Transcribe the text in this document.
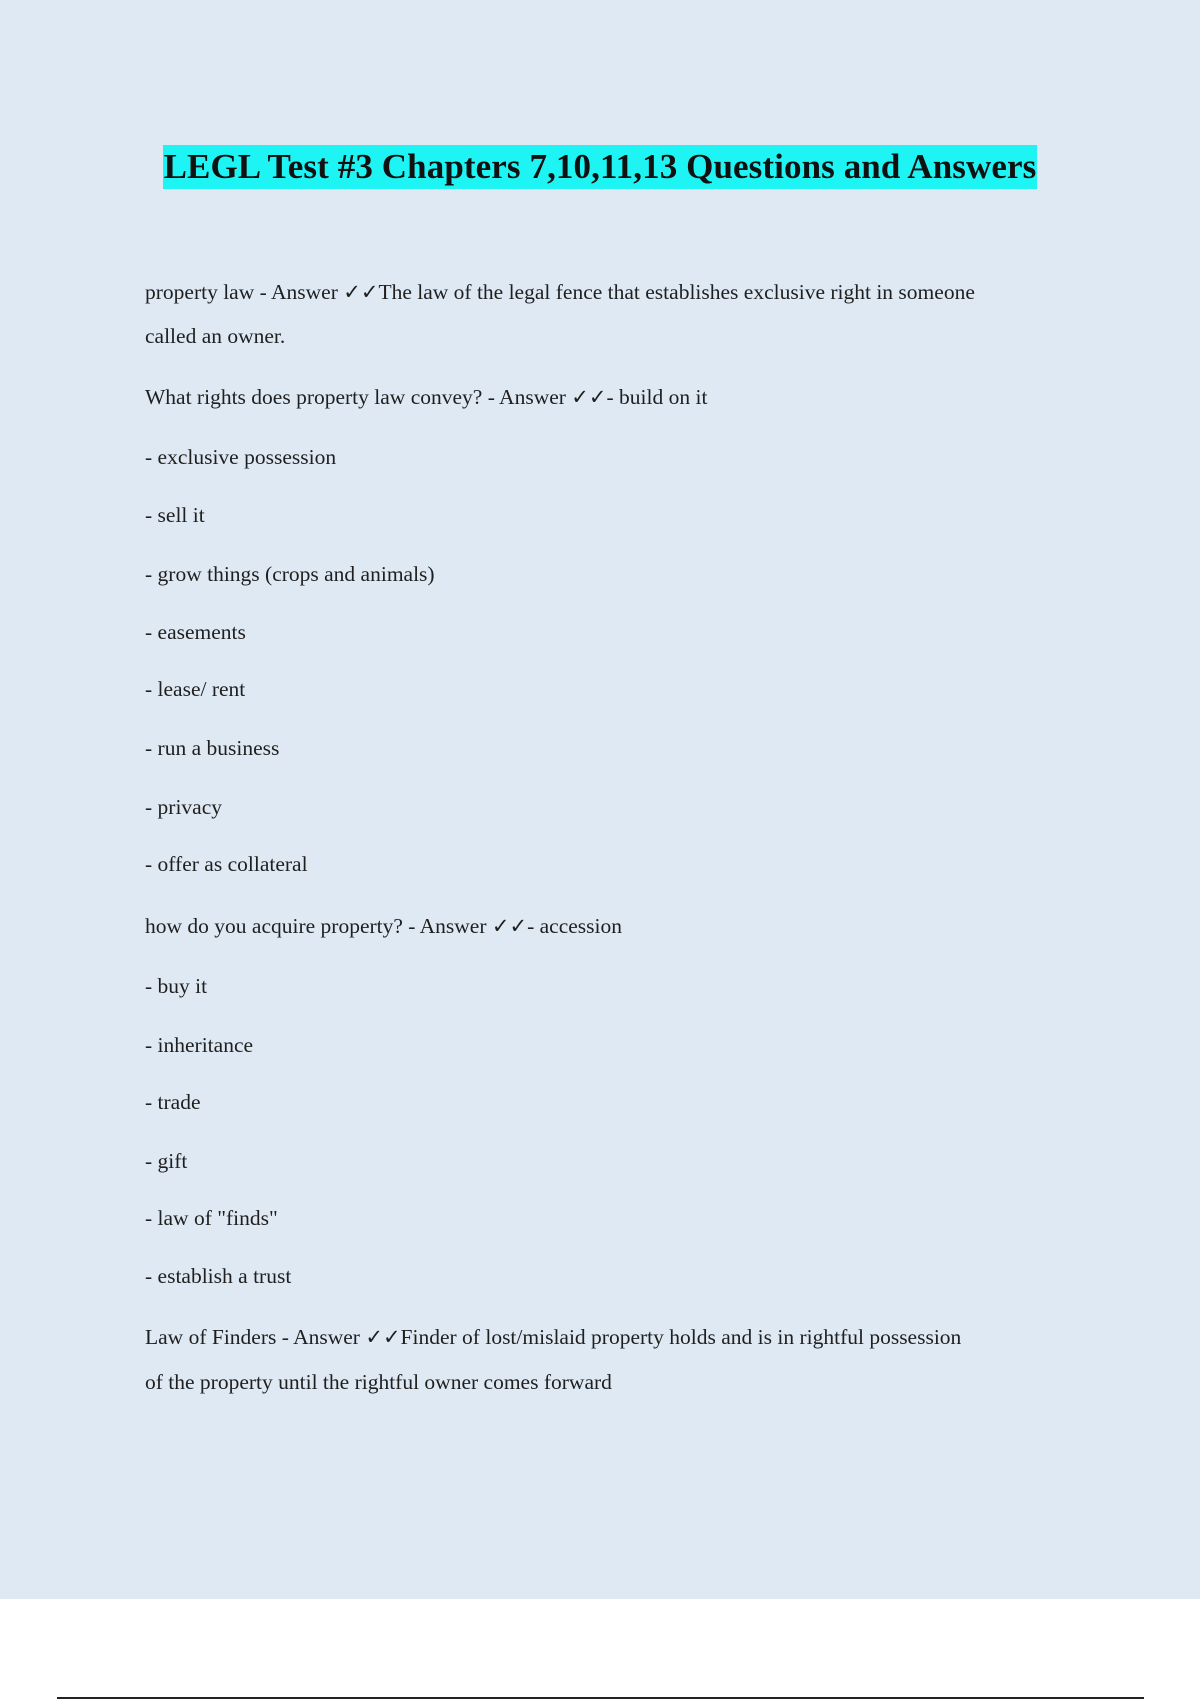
LEGL Test #3 Chapters 7,10,11,13 Questions and Answers
property law - Answer ✓✓The law of the legal fence that establishes exclusive right in someone
called an owner.
What rights does property law convey? - Answer ✓✓- build on it
- exclusive possession
- sell it
- grow things (crops and animals)
- easements
- lease/ rent
- run a business
- privacy
- offer as collateral
how do you acquire property? - Answer ✓✓- accession
- buy it
- inheritance
- trade
- gift
- law of "finds"
- establish a trust
Law of Finders - Answer ✓✓Finder of lost/mislaid property holds and is in rightful possession
of the property until the rightful owner comes forward
